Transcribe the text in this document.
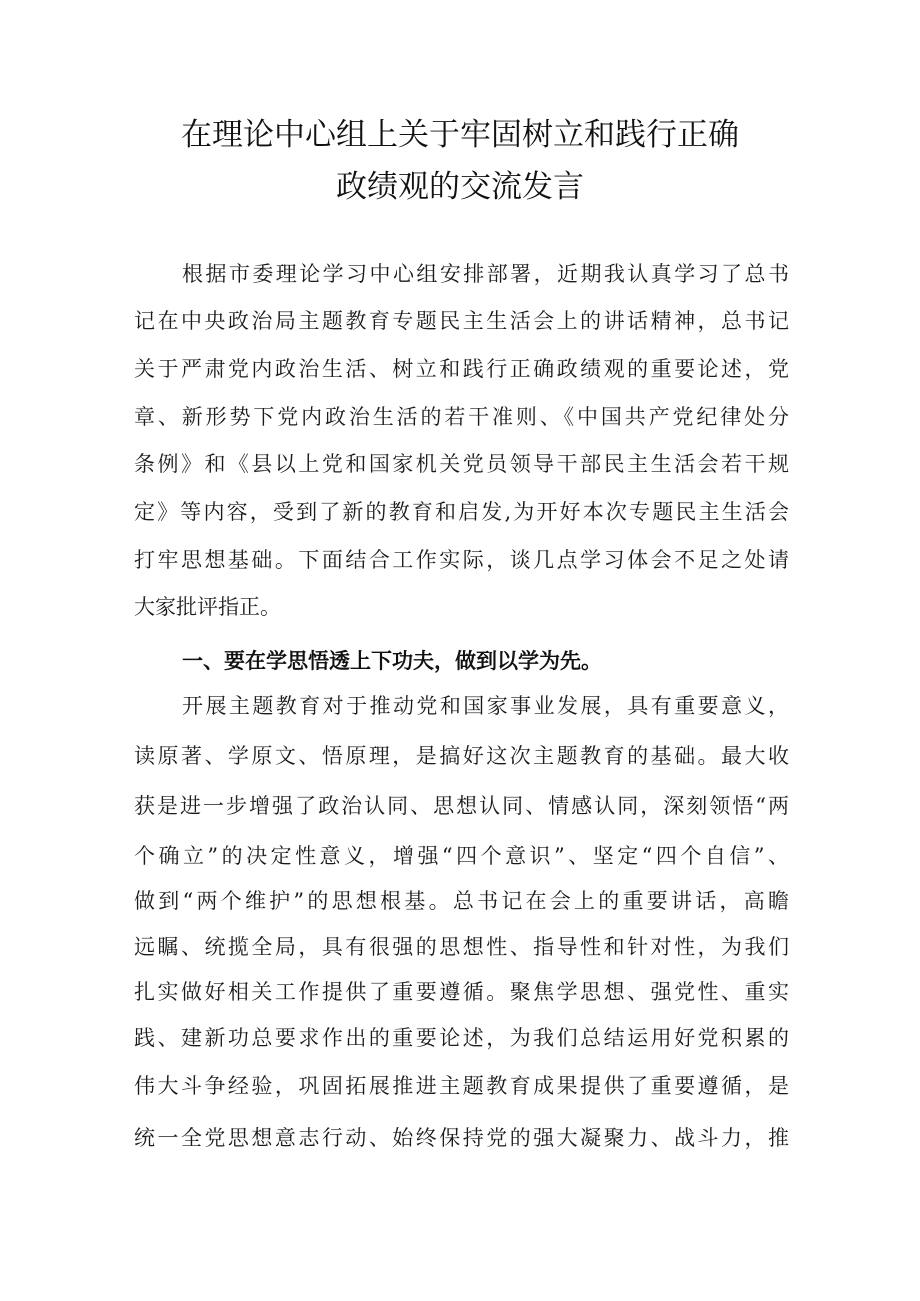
在理论中心组上关于牢固树立和践行正确
政绩观的交流发言
根据市委理论学习中心组安排部署，近期我认真学习了总书
记在中央政治局主题教育专题民主生活会上的讲话精神，总书记
关于严肃党内政治生活、树立和践行正确政绩观的重要论述，党
章、新形势下党内政治生活的若干准则、《中国共产党纪律处分
条例》和《县以上党和国家机关党员领导干部民主生活会若干规
定》等内容，受到了新的教育和启发,为开好本次专题民主生活会
打牢思想基础。下面结合工作实际，谈几点学习体会不足之处请
大家批评指正。
一、要在学思悟透上下功夫，做到以学为先。
开展主题教育对于推动党和国家事业发展，具有重要意义，
读原著、学原文、悟原理，是搞好这次主题教育的基础。最大收
获是进一步增强了政治认同、思想认同、情感认同，深刻领悟“两
个确立”的决定性意义，增强“四个意识”、坚定“四个自信”、
做到“两个维护”的思想根基。总书记在会上的重要讲话，高瞻
远瞩、统揽全局，具有很强的思想性、指导性和针对性，为我们
扎实做好相关工作提供了重要遵循。聚焦学思想、强党性、重实
践、建新功总要求作出的重要论述，为我们总结运用好党积累的
伟大斗争经验，巩固拓展推进主题教育成果提供了重要遵循，是
统一全党思想意志行动、始终保持党的强大凝聚力、战斗力，推
